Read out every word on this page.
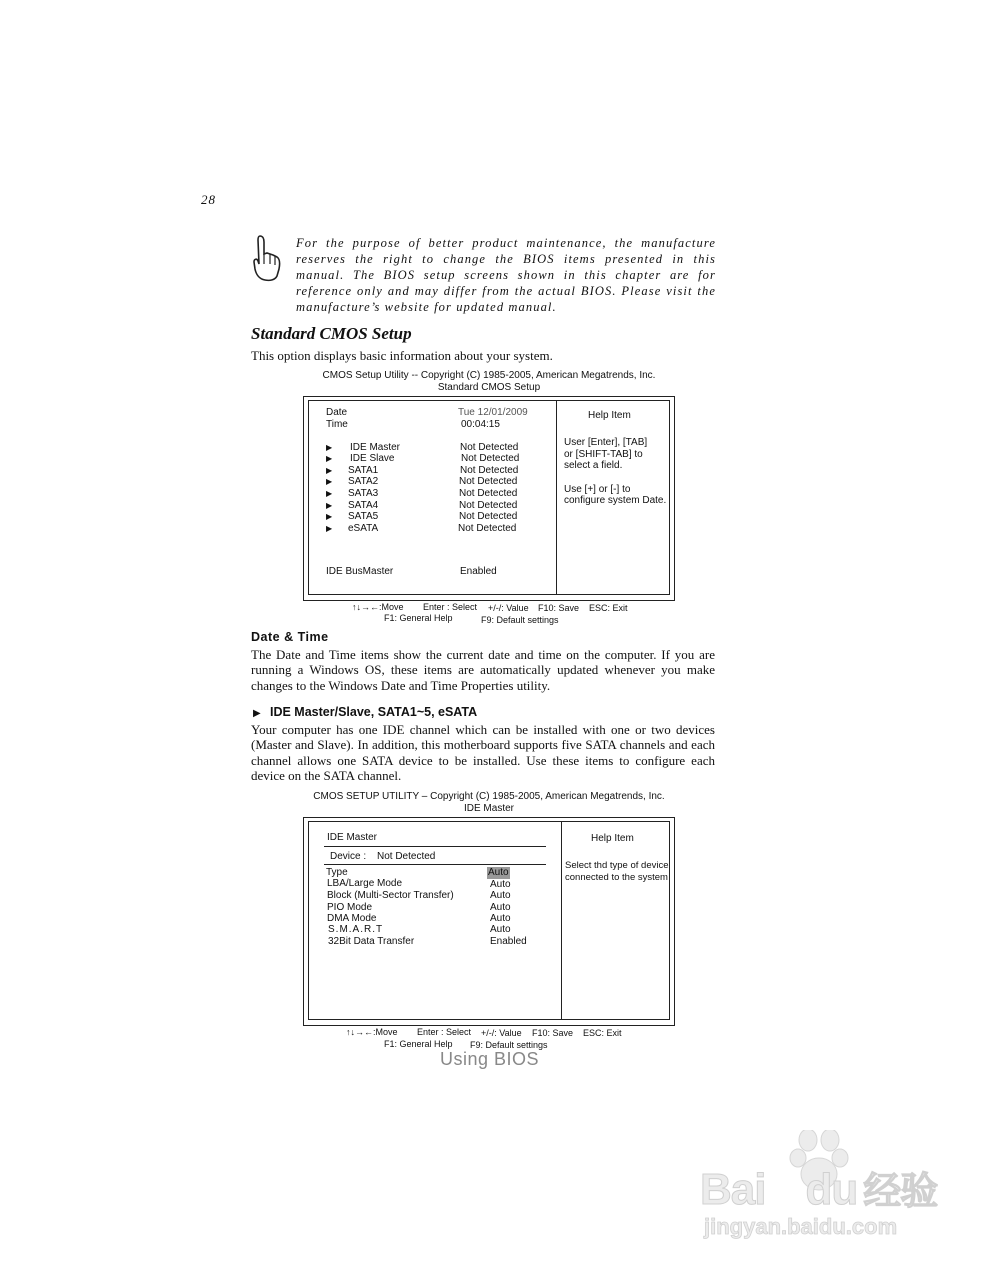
28
For the purpose of better product maintenance, the manufacture reserves the right to change the BIOS items presented in this manual. The BIOS setup screens shown in this chapter are for reference only and may differ from the actual BIOS. Please visit the manufacture’s website for updated manual.
Standard CMOS Setup
This option displays basic information about your system.
CMOS Setup Utility -- Copyright (C) 1985-2005, American Megatrends, Inc.
Standard CMOS Setup
Date	Tue 12/01/2009
Time	00:04:15
▶ IDE Master	Not Detected
▶ IDE Slave	Not Detected
▶ SATA1	Not Detected
▶ SATA2	Not Detected
▶ SATA3	Not Detected
▶ SATA4	Not Detected
▶ SATA5	Not Detected
▶ eSATA	Not Detected
IDE BusMaster	Enabled
Help Item
User [Enter], [TAB]
or [SHIFT-TAB] to
select a field.
Use [+] or [-] to
configure system Date.
↑↓→←:Move Enter : Select +/-/: Value F10: Save ESC: Exit
F1: General Help	F9: Default settings
Date & Time
The Date and Time items show the current date and time on the computer. If you are running a Windows OS, these items are automatically updated whenever you make changes to the Windows Date and Time Properties utility.
▶ IDE Master/Slave, SATA1~5, eSATA
Your computer has one IDE channel which can be installed with one or two devices (Master and Slave). In addition, this motherboard supports five SATA channels and each channel allows one SATA device to be installed. Use these items to configure each device on the SATA channel.
CMOS SETUP UTILITY – Copyright (C) 1985-2005, American Megatrends, Inc.
IDE Master
IDE Master
Device : Not Detected
Type	Auto
LBA/Large Mode	Auto
Block (Multi-Sector Transfer)	Auto
PIO Mode	Auto
DMA Mode	Auto
S.M.A.R.T	Auto
32Bit Data Transfer	Enabled
Help Item
Select thd type of device
connected to the system
↑↓→←:Move Enter : Select +/-/: Value F10: Save ESC: Exit
F1: General Help F9: Default settings
Using BIOS
Bai du 经验
jingyan.baidu.com
